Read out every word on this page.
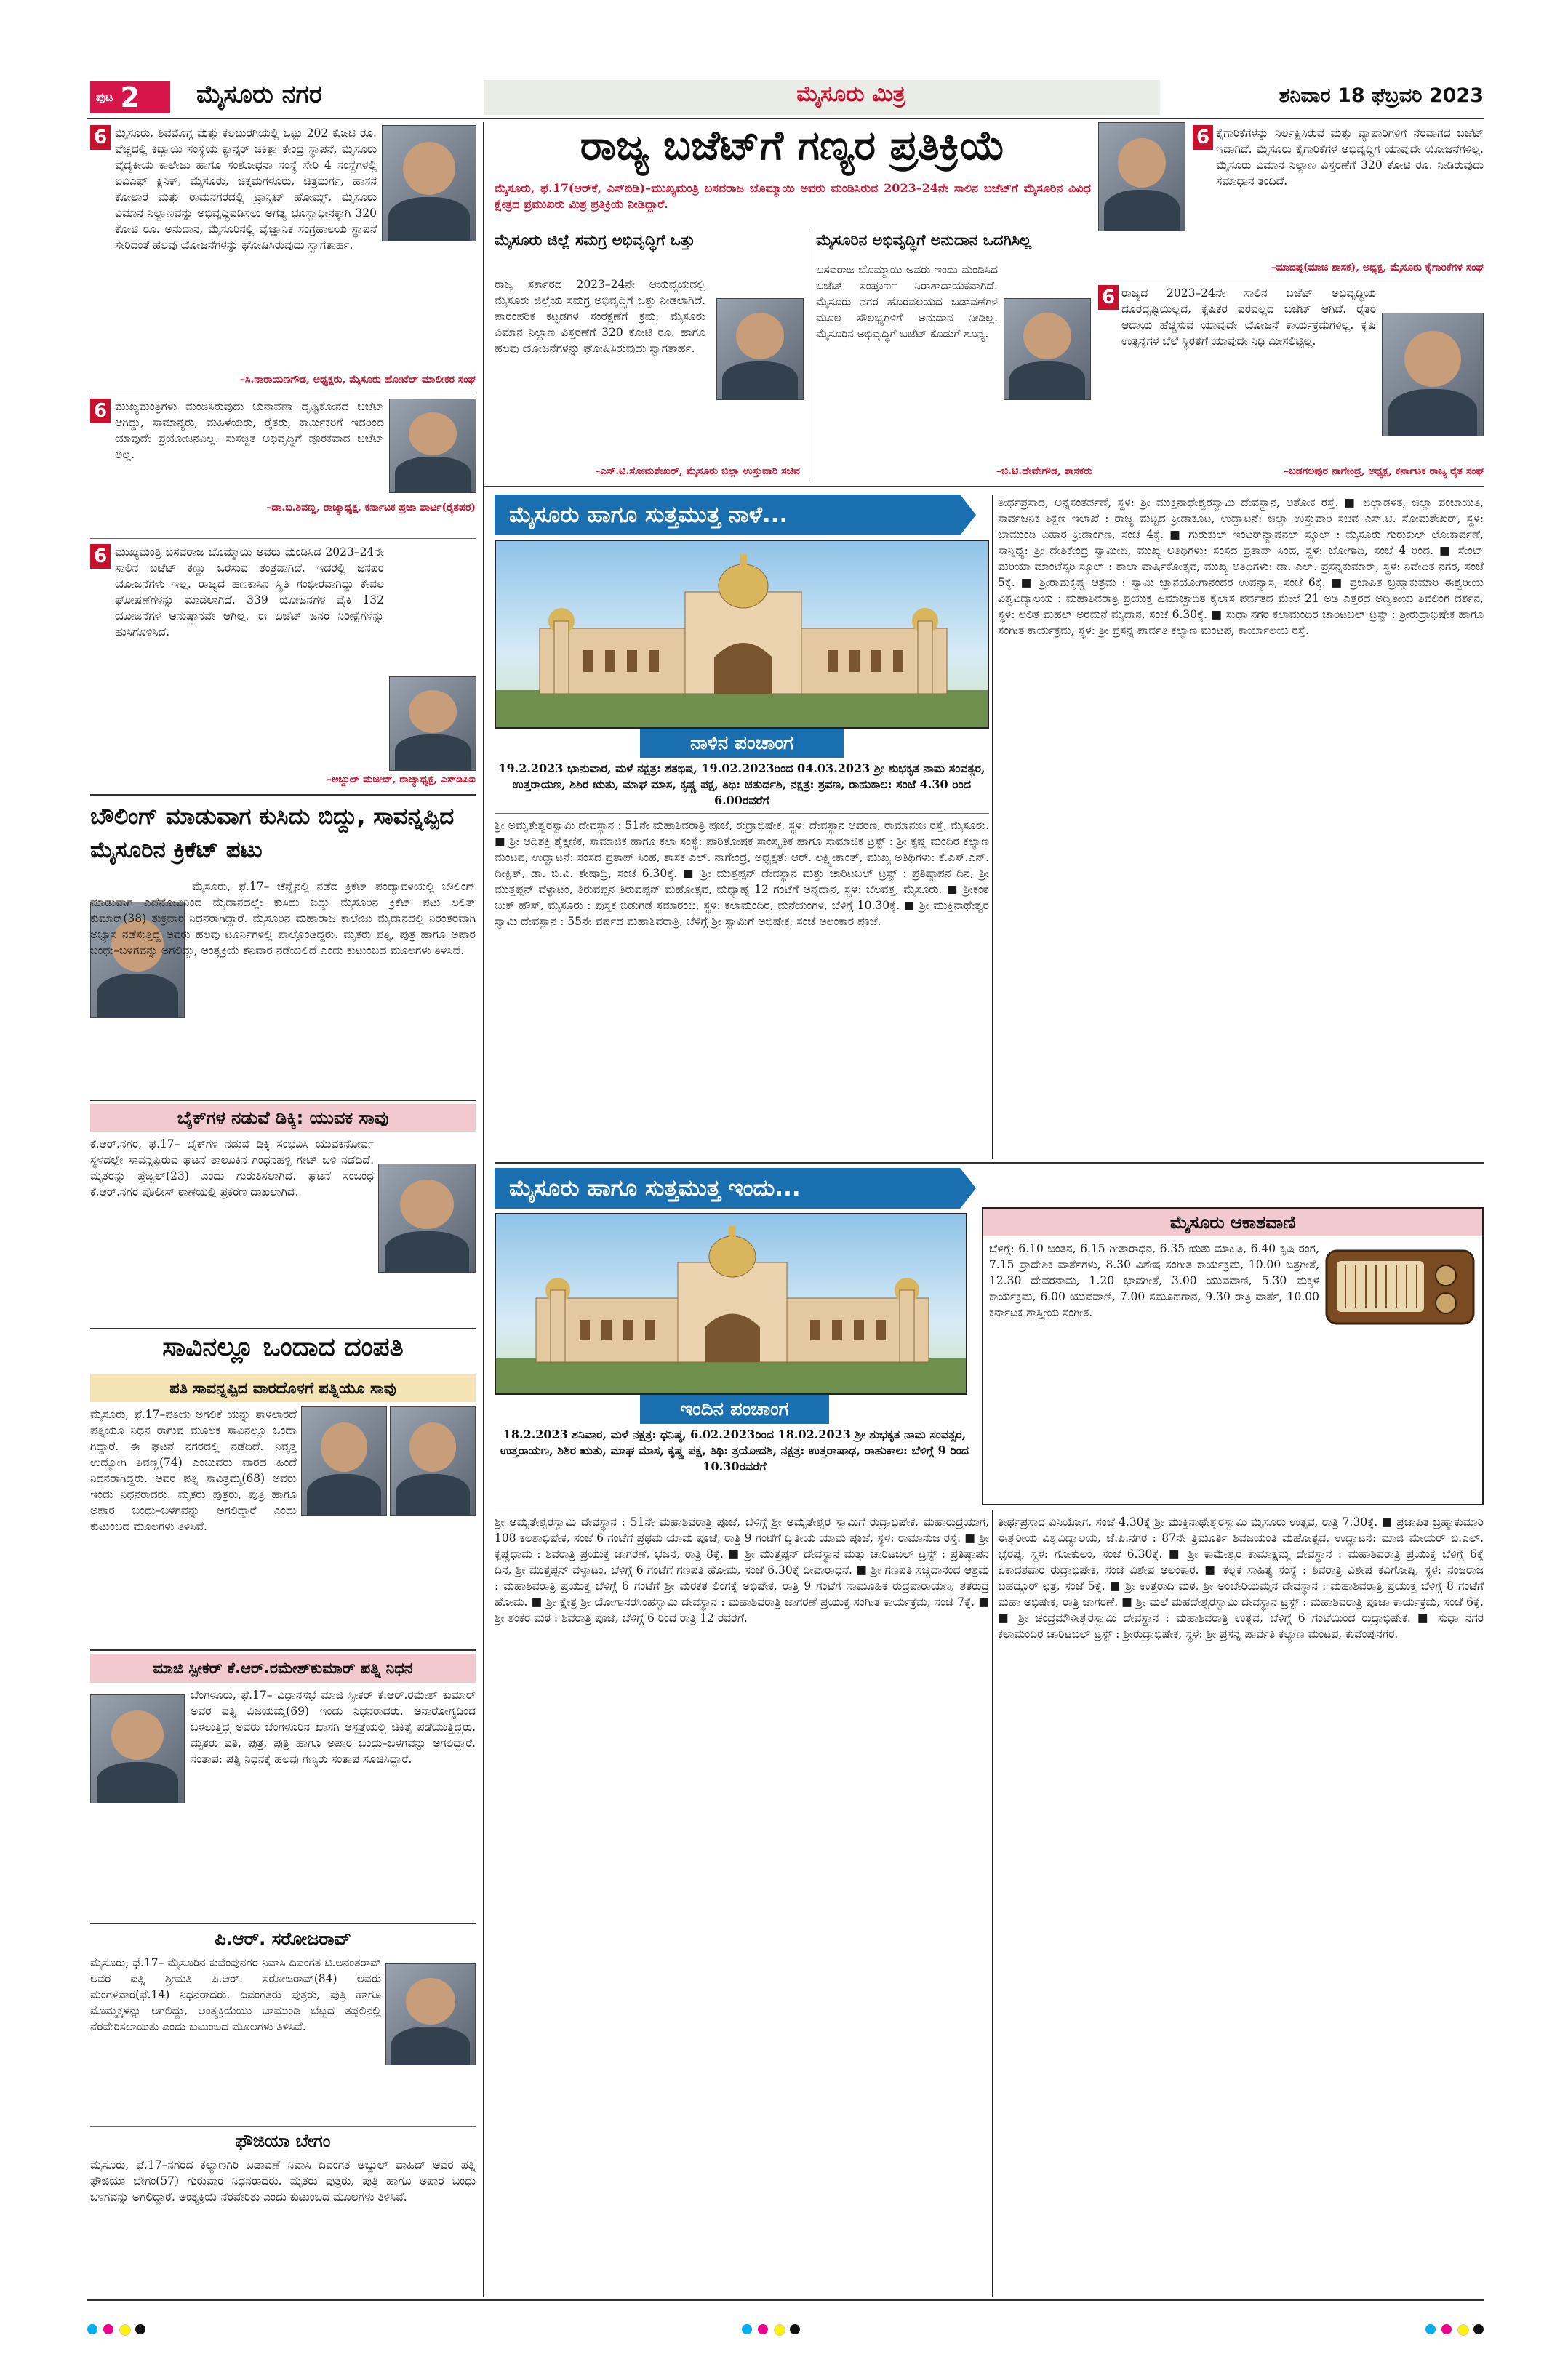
ಪುಟ 2 ಮೈಸೂರು ನಗರ	ಮೈಸೂರು ಮಿತ್ರ	ಶನಿವಾರ 18 ಫೆಬ್ರವರಿ 2023
ರಾಜ್ಯ ಬಜೆಟ್‌ಗೆ ಗಣ್ಯರ ಪ್ರತಿಕ್ರಿಯೆ
ಮೈಸೂರು, ಫೆ.17(ಆರ್‌ಕೆ, ಎಸ್‌ಬಿಡಿ)–ಮುಖ್ಯಮಂತ್ರಿ ಬಸವರಾಜ ಬೊಮ್ಮಾಯಿ ಅವರು ಮಂಡಿಸಿರುವ 2023–24ನೇ ಸಾಲಿನ ಬಜೆಟ್‌ಗೆ ಮೈಸೂರಿನ ವಿವಿಧ ಕ್ಷೇತ್ರದ ಪ್ರಮುಖರು ಮಿಶ್ರ ಪ್ರತಿಕ್ರಿಯೆ ನೀಡಿದ್ದಾರೆ.
6 ಮೈಸೂರು, ಶಿವಮೊಗ್ಗ ಮತ್ತು ಕಲಬುರಗಿಯಲ್ಲಿ ಒಟ್ಟು 202 ಕೋಟಿ ರೂ. ವೆಚ್ಚದಲ್ಲಿ ಕಿದ್ವಾಯಿ ಸಂಸ್ಥೆಯ ಕ್ಯಾನ್ಸರ್ ಚಿಕಿತ್ಸಾ ಕೇಂದ್ರ ಸ್ಥಾಪನೆ, ಮೈಸೂರು ವೈದ್ಯಕೀಯ ಕಾಲೇಜು ಹಾಗೂ ಸಂಶೋಧನಾ ಸಂಸ್ಥೆ ಸೇರಿ 4 ಸಂಸ್ಥೆಗಳಲ್ಲಿ ಐವಿಎಫ್ ಕ್ಲಿನಿಕ್, ಮೈಸೂರು, ಚಿಕ್ಕಮಗಳೂರು, ಚಿತ್ರದುರ್ಗ, ಹಾಸನ ಕೋಲಾರ ಮತ್ತು ರಾಮನಗರದಲ್ಲಿ ಟ್ರಾನ್ಸಿಟ್ ಹೋಮ್ಸ್, ಮೈಸೂರು ವಿಮಾನ ನಿಲ್ದಾಣವನ್ನು ಅಭಿವೃದ್ಧಿಪಡಿಸಲು ಅಗತ್ಯ ಭೂಸ್ವಾಧೀನಕ್ಕಾಗಿ 320 ಕೋಟಿ ರೂ. ಅನುದಾನ, ಮೈಸೂರಿನಲ್ಲಿ ವೈಜ್ಞಾನಿಕ ಸಂಗ್ರಹಾಲಯ ಸ್ಥಾಪನೆ ಸೇರಿದಂತೆ ಹಲವು ಯೋಜನೆಗಳನ್ನು ಘೋಷಿಸಿರುವುದು ಸ್ವಾಗತಾರ್ಹ.
–ಸಿ.ನಾರಾಯಣಗೌಡ, ಅಧ್ಯಕ್ಷರು, ಮೈಸೂರು ಹೋಟೆಲ್ ಮಾಲೀಕರ ಸಂಘ
6 ಮುಖ್ಯಮಂತ್ರಿಗಳು ಮಂಡಿಸಿರುವುದು ಚುನಾವಣಾ ದೃಷ್ಟಿಕೋನದ ಬಜೆಟ್ ಆಗಿದ್ದು, ಸಾಮಾನ್ಯರು, ಮಹಿಳೆಯರು, ರೈತರು, ಕಾರ್ಮಿಕರಿಗೆ ಇದರಿಂದ ಯಾವುದೇ ಪ್ರಯೋಜನವಿಲ್ಲ. ಸುಸಜ್ಜಿತ ಅಭಿವೃದ್ಧಿಗೆ ಪೂರಕವಾದ ಬಜೆಟ್ ಅಲ್ಲ.
–ಡಾ.ಬಿ.ಶಿವಣ್ಣ, ರಾಜ್ಯಾಧ್ಯಕ್ಷ, ಕರ್ನಾಟಕ ಪ್ರಜಾ ಪಾರ್ಟಿ(ರೈತಪರ)
6 ಮುಖ್ಯಮಂತ್ರಿ ಬಸವರಾಜ ಬೊಮ್ಮಾಯಿ ಅವರು ಮಂಡಿಸಿದ 2023–24ನೇ ಸಾಲಿನ ಬಜೆಟ್ ಕಣ್ಣು ಒರೆಸುವ ತಂತ್ರವಾಗಿದೆ. ಇದರಲ್ಲಿ ಜನಪರ ಯೋಜನೆಗಳು ಇಲ್ಲ. ರಾಜ್ಯದ ಹಣಕಾಸಿನ ಸ್ಥಿತಿ ಗಂಭೀರವಾಗಿದ್ದು ಕೇವಲ ಘೋಷಣೆಗಳನ್ನು ಮಾಡಲಾಗಿದೆ. 339 ಯೋಜನೆಗಳ ಪೈಕಿ 132 ಯೋಜನೆಗಳ ಅನುಷ್ಠಾನವೇ ಆಗಿಲ್ಲ. ಈ ಬಜೆಟ್ ಜನರ ನಿರೀಕ್ಷೆಗಳನ್ನು ಹುಸಿಗೊಳಿಸಿದೆ.
–ಅಬ್ದುಲ್ ಮಜೀದ್, ರಾಜ್ಯಾಧ್ಯಕ್ಷ, ಎಸ್‌ಡಿಪಿಐ
ಮೈಸೂರು ಜಿಲ್ಲೆ ಸಮಗ್ರ ಅಭಿವೃದ್ಧಿಗೆ ಒತ್ತು
ರಾಜ್ಯ ಸರ್ಕಾರದ 2023–24ನೇ ಆಯವ್ಯಯದಲ್ಲಿ ಮೈಸೂರು ಜಿಲ್ಲೆಯ ಸಮಗ್ರ ಅಭಿವೃದ್ಧಿಗೆ ಒತ್ತು ನೀಡಲಾಗಿದೆ. ಪಾರಂಪರಿಕ ಕಟ್ಟಡಗಳ ಸಂರಕ್ಷಣೆಗೆ ಕ್ರಮ, ಮೈಸೂರು ವಿಮಾನ ನಿಲ್ದಾಣ ವಿಸ್ತರಣೆಗೆ 320 ಕೋಟಿ ರೂ. ಹಾಗೂ ಹಲವು ಯೋಜನೆಗಳನ್ನು ಘೋಷಿಸಿರುವುದು ಸ್ವಾಗತಾರ್ಹ.
–ಎಸ್.ಟಿ.ಸೋಮಶೇಖರ್, ಮೈಸೂರು ಜಿಲ್ಲಾ ಉಸ್ತುವಾರಿ ಸಚಿವ
ಮೈಸೂರಿನ ಅಭಿವೃದ್ಧಿಗೆ ಅನುದಾನ ಒದಗಿಸಿಲ್ಲ
ಬಸವರಾಜ ಬೊಮ್ಮಾಯಿ ಅವರು ಇಂದು ಮಂಡಿಸಿದ ಬಜೆಟ್ ಸಂಪೂರ್ಣ ನಿರಾಶಾದಾಯಕವಾಗಿದೆ. ಮೈಸೂರು ನಗರ ಹೊರವಲಯದ ಬಡಾವಣೆಗಳ ಮೂಲ ಸೌಲಭ್ಯಗಳಿಗೆ ಅನುದಾನ ನೀಡಿಲ್ಲ. ಮೈಸೂರಿನ ಅಭಿವೃದ್ಧಿಗೆ ಬಜೆಟ್ ಕೊಡುಗೆ ಶೂನ್ಯ.
–ಜಿ.ಟಿ.ದೇವೇಗೌಡ, ಶಾಸಕರು
6 ಕೈಗಾರಿಕೆಗಳನ್ನು ನಿರ್ಲಕ್ಷಿಸಿರುವ ಮತ್ತು ವ್ಯಾಪಾರಿಗಳಿಗೆ ನೆರವಾಗದ ಬಜೆಟ್ ಇದಾಗಿದೆ. ಮೈಸೂರು ಕೈಗಾರಿಕೆಗಳ ಅಭಿವೃದ್ಧಿಗೆ ಯಾವುದೇ ಯೋಜನೆಗಳಿಲ್ಲ. ಮೈಸೂರು ವಿಮಾನ ನಿಲ್ದಾಣ ವಿಸ್ತರಣೆಗೆ 320 ಕೋಟಿ ರೂ. ನೀಡಿರುವುದು ಸಮಾಧಾನ ತಂದಿದೆ.
–ಮಾದಪ್ಪ(ಮಾಜಿ ಶಾಸಕ), ಅಧ್ಯಕ್ಷ, ಮೈಸೂರು ಕೈಗಾರಿಕೆಗಳ ಸಂಘ
6 ರಾಜ್ಯದ 2023–24ನೇ ಸಾಲಿನ ಬಜೆಟ್ ಅಭಿವೃದ್ಧಿಯ ದೂರದೃಷ್ಟಿಯಿಲ್ಲದ, ಕೃಷಿಕರ ಪರವಲ್ಲದ ಬಜೆಟ್ ಆಗಿದೆ. ರೈತರ ಆದಾಯ ಹೆಚ್ಚಿಸುವ ಯಾವುದೇ ಯೋಜನೆ ಕಾರ್ಯಕ್ರಮಗಳಿಲ್ಲ. ಕೃಷಿ ಉತ್ಪನ್ನಗಳ ಬೆಲೆ ಸ್ಥಿರತೆಗೆ ಯಾವುದೇ ನಿಧಿ ಮೀಸಲಿಟ್ಟಿಲ್ಲ.
–ಬಡಗಲಪುರ ನಾಗೇಂದ್ರ, ಅಧ್ಯಕ್ಷ, ಕರ್ನಾಟಕ ರಾಜ್ಯ ರೈತ ಸಂಘ
ಬೌಲಿಂಗ್ ಮಾಡುವಾಗ ಕುಸಿದು ಬಿದ್ದು, ಸಾವನ್ನಪ್ಪಿದ ಮೈಸೂರಿನ ಕ್ರಿಕೆಟ್ ಪಟು
ಮೈಸೂರು, ಫೆ.17– ಚೆನ್ನೈನಲ್ಲಿ ನಡೆದ ಕ್ರಿಕೆಟ್ ಪಂದ್ಯಾವಳಿಯಲ್ಲಿ ಬೌಲಿಂಗ್ ಮಾಡುವಾಗ ಎದೆನೋವಿನಿಂದ ಮೈದಾನದಲ್ಲೇ ಕುಸಿದು ಬಿದ್ದು ಮೈಸೂರಿನ ಕ್ರಿಕೆಟ್ ಪಟು ಲಲಿತ್ ಕುಮಾರ್(38) ಶುಕ್ರವಾರ ನಿಧನರಾಗಿದ್ದಾರೆ. ಮೈಸೂರಿನ ಮಹಾರಾಜ ಕಾಲೇಜು ಮೈದಾನದಲ್ಲಿ ನಿರಂತರವಾಗಿ ಅಭ್ಯಾಸ ನಡೆಸುತ್ತಿದ್ದ ಅವರು ಹಲವು ಟೂರ್ನಿಗಳಲ್ಲಿ ಪಾಲ್ಗೊಂಡಿದ್ದರು. ಮೃತರು ಪತ್ನಿ, ಪುತ್ರ ಹಾಗೂ ಅಪಾರ ಬಂಧು–ಬಳಗವನ್ನು ಅಗಲಿದ್ದು, ಅಂತ್ಯಕ್ರಿಯೆ ಶನಿವಾರ ನಡೆಯಲಿದೆ ಎಂದು ಕುಟುಂಬದ ಮೂಲಗಳು ತಿಳಿಸಿವೆ.
ಬೈಕ್‌ಗಳ ನಡುವೆ ಡಿಕ್ಕಿ: ಯುವಕ ಸಾವು
ಕೆ.ಆರ್.ನಗರ, ಫೆ.17– ಬೈಕ್‌ಗಳ ನಡುವೆ ಡಿಕ್ಕಿ ಸಂಭವಿಸಿ ಯುವಕನೋರ್ವ ಸ್ಥಳದಲ್ಲೇ ಸಾವನ್ನಪ್ಪಿರುವ ಘಟನೆ ತಾಲೂಕಿನ ಗಂಧನಹಳ್ಳಿ ಗೇಟ್ ಬಳಿ ನಡೆದಿದೆ. ಮೃತರನ್ನು ಪ್ರಜ್ವಲ್(23) ಎಂದು ಗುರುತಿಸಲಾಗಿದೆ. ಘಟನೆ ಸಂಬಂಧ ಕೆ.ಆರ್.ನಗರ ಪೊಲೀಸ್ ಠಾಣೆಯಲ್ಲಿ ಪ್ರಕರಣ ದಾಖಲಾಗಿದೆ.
ಸಾವಿನಲ್ಲೂ ಒಂದಾದ ದಂಪತಿ
ಪತಿ ಸಾವನ್ನಪ್ಪಿದ ವಾರದೊಳಗೆ ಪತ್ನಿಯೂ ಸಾವು
ಮೈಸೂರು, ಫೆ.17–ಪತಿಯ ಅಗಲಿಕೆ ಯನ್ನು ತಾಳಲಾರದೆ ಪತ್ನಿಯೂ ನಿಧನ ರಾಗುವ ಮೂಲಕ ಸಾವಿನಲ್ಲೂ ಒಂದಾ ಗಿದ್ದಾರೆ. ಈ ಘಟನೆ ನಗರದಲ್ಲಿ ನಡೆದಿದೆ. ನಿವೃತ್ತ ಉದ್ಯೋಗಿ ಶಿವಣ್ಣ(74) ಎಂಬುವರು ವಾರದ ಹಿಂದೆ ನಿಧನರಾಗಿದ್ದರು. ಅವರ ಪತ್ನಿ ಸಾವಿತ್ರಮ್ಮ(68) ಅವರು ಇಂದು ನಿಧನರಾದರು. ಮೃತರು ಪುತ್ರರು, ಪುತ್ರಿ ಹಾಗೂ ಅಪಾರ ಬಂಧು–ಬಳಗವನ್ನು ಅಗಲಿದ್ದಾರೆ ಎಂದು ಕುಟುಂಬದ ಮೂಲಗಳು ತಿಳಿಸಿವೆ.
ಮಾಜಿ ಸ್ಪೀಕರ್ ಕೆ.ಆರ್.ರಮೇಶ್‌ಕುಮಾರ್ ಪತ್ನಿ ನಿಧನ
ಬೆಂಗಳೂರು, ಫೆ.17– ವಿಧಾನಸಭೆ ಮಾಜಿ ಸ್ಪೀಕರ್ ಕೆ.ಆರ್.ರಮೇಶ್ ಕುಮಾರ್ ಅವರ ಪತ್ನಿ ವಿಜಯಮ್ಮ(69) ಇಂದು ನಿಧನರಾದರು. ಅನಾರೋಗ್ಯದಿಂದ ಬಳಲುತ್ತಿದ್ದ ಅವರು ಬೆಂಗಳೂರಿನ ಖಾಸಗಿ ಆಸ್ಪತ್ರೆಯಲ್ಲಿ ಚಿಕಿತ್ಸೆ ಪಡೆಯುತ್ತಿದ್ದರು. ಮೃತರು ಪತಿ, ಪುತ್ರ, ಪುತ್ರಿ ಹಾಗೂ ಅಪಾರ ಬಂಧು–ಬಳಗವನ್ನು ಅಗಲಿದ್ದಾರೆ. ಸಂತಾಪ: ಪತ್ನಿ ನಿಧನಕ್ಕೆ ಹಲವು ಗಣ್ಯರು ಸಂತಾಪ ಸೂಚಿಸಿದ್ದಾರೆ.
ಪಿ.ಆರ್. ಸರೋಜರಾವ್
ಮೈಸೂರು, ಫೆ.17– ಮೈಸೂರಿನ ಕುವೆಂಪುನಗರ ನಿವಾಸಿ ದಿವಂಗತ ಟಿ.ಅನಂತರಾವ್ ಅವರ ಪತ್ನಿ ಶ್ರೀಮತಿ ಪಿ.ಆರ್. ಸರೋಜರಾವ್(84) ಅವರು ಮಂಗಳವಾರ(ಫೆ.14) ನಿಧನರಾದರು. ದಿವಂಗತರು ಪುತ್ರರು, ಪುತ್ರಿ ಹಾಗೂ ಮೊಮ್ಮಕ್ಕಳನ್ನು ಅಗಲಿದ್ದು, ಅಂತ್ಯಕ್ರಿಯೆಯು ಚಾಮುಂಡಿ ಬೆಟ್ಟದ ತಪ್ಪಲಿನಲ್ಲಿ ನೆರವೇರಿಸಲಾಯಿತು ಎಂದು ಕುಟುಂಬದ ಮೂಲಗಳು ತಿಳಿಸಿವೆ.
ಫೌಜಿಯಾ ಬೇಗಂ
ಮೈಸೂರು, ಫೆ.17–ನಗರದ ಕಲ್ಯಾಣಗಿರಿ ಬಡಾವಣೆ ನಿವಾಸಿ ದಿವಂಗತ ಅಬ್ದುಲ್ ವಾಹಿದ್ ಅವರ ಪತ್ನಿ ಫೌಜಿಯಾ ಬೇಗಂ(57) ಗುರುವಾರ ನಿಧನರಾದರು. ಮೃತರು ಪುತ್ರರು, ಪುತ್ರಿ ಹಾಗೂ ಅಪಾರ ಬಂಧು ಬಳಗವನ್ನು ಅಗಲಿದ್ದಾರೆ. ಅಂತ್ಯಕ್ರಿಯೆ ನೆರವೇರಿತು ಎಂದು ಕುಟುಂಬದ ಮೂಲಗಳು ತಿಳಿಸಿವೆ.
ಮೈಸೂರು ಹಾಗೂ ಸುತ್ತಮುತ್ತ ನಾಳೆ...
ನಾಳಿನ ಪಂಚಾಂಗ
19.2.2023 ಭಾನುವಾರ, ಮಳೆ ನಕ್ಷತ್ರ: ಶತಭಿಷ, 19.02.2023ರಿಂದ 04.03.2023 ಶ್ರೀ ಶುಭಕೃತ ನಾಮ ಸಂವತ್ಸರ, ಉತ್ತರಾಯಣ, ಶಿಶಿರ ಋತು, ಮಾಘ ಮಾಸ, ಕೃಷ್ಣ ಪಕ್ಷ, ತಿಥಿ: ಚತುರ್ದಶಿ, ನಕ್ಷತ್ರ: ಶ್ರವಣ, ರಾಹುಕಾಲ: ಸಂಜೆ 4.30 ರಿಂದ 6.00ರವರೆಗೆ
ಶ್ರೀ ಅಮೃತೇಶ್ವರಸ್ವಾಮಿ ದೇವಸ್ಥಾನ : 51ನೇ ಮಹಾಶಿವರಾತ್ರಿ ಪೂಜೆ, ರುದ್ರಾಭಿಷೇಕ, ಸ್ಥಳ: ದೇವಸ್ಥಾನ ಆವರಣ, ರಾಮಾನುಜ ರಸ್ತೆ, ಮೈಸೂರು. ■ ಶ್ರೀ ಆದಿಶಕ್ತಿ ಶೈಕ್ಷಣಿಕ, ಸಾಮಾಜಿಕ ಹಾಗೂ ಕಲಾ ಸಂಸ್ಥೆ: ಪಾರಿತೋಷಕ ಸಾಂಸ್ಕೃತಿಕ ಹಾಗೂ ಸಾಮಾಜಿಕ ಟ್ರಸ್ಟ್ : ಶ್ರೀ ಕೃಷ್ಣ ಮಂದಿರ ಕಲ್ಯಾಣ ಮಂಟಪ, ಉದ್ಘಾಟನೆ: ಸಂಸದ ಪ್ರತಾಪ್ ಸಿಂಹ, ಶಾಸಕ ಎಲ್. ನಾಗೇಂದ್ರ, ಅಧ್ಯಕ್ಷತೆ: ಆರ್. ಲಕ್ಷ್ಮೀಕಾಂತ್, ಮುಖ್ಯ ಅತಿಥಿಗಳು: ಕೆ.ಎಸ್.ಎನ್. ದೀಕ್ಷಿತ್, ಡಾ. ಬಿ.ವಿ. ಶೇಷಾದ್ರಿ, ಸಂಜೆ 6.30ಕ್ಕೆ. ■ ಶ್ರೀ ಮುತ್ತಪ್ಪನ್ ದೇವಸ್ಥಾನ ಮತ್ತು ಚಾರಿಟಬಲ್ ಟ್ರಸ್ಟ್ : ಪ್ರತಿಷ್ಠಾಪನ ದಿನ, ಶ್ರೀ ಮುತ್ತಪ್ಪನ್ ವೆಳ್ಳಾಟಂ, ತಿರುವಪ್ಪನ ತಿರುವಪ್ಪನ್ ಮಹೋತ್ಸವ, ಮಧ್ಯಾಹ್ನ 12 ಗಂಟೆಗೆ ಅನ್ನದಾನ, ಸ್ಥಳ: ಬೆಲವತ್ತ, ಮೈಸೂರು. ■ ಶ್ರೀಕಂಠ ಬುಕ್ ಹೌಸ್, ಮೈಸೂರು : ಪುಸ್ತಕ ಬಿಡುಗಡೆ ಸಮಾರಂಭ, ಸ್ಥಳ: ಕಲಾಮಂದಿರ, ಮನೆಯಂಗಳ, ಬೆಳಿಗ್ಗೆ 10.30ಕ್ಕೆ. ■ ಶ್ರೀ ಮುಕ್ತಿನಾಥೇಶ್ವರ ಸ್ವಾಮಿ ದೇವಸ್ಥಾನ : 55ನೇ ವರ್ಷದ ಮಹಾಶಿವರಾತ್ರಿ, ಬೆಳಿಗ್ಗೆ ಶ್ರೀ ಸ್ವಾಮಿಗೆ ಅಭಿಷೇಕ, ಸಂಜೆ ಅಲಂಕಾರ ಪೂಜೆ.
ತೀರ್ಥಪ್ರಸಾದ, ಅನ್ನಸಂತರ್ಪಣೆ, ಸ್ಥಳ: ಶ್ರೀ ಮುಕ್ತಿನಾಥೇಶ್ವರಸ್ವಾಮಿ ದೇವಸ್ಥಾನ, ಅಶೋಕ ರಸ್ತೆ. ■ ಜಿಲ್ಲಾಡಳಿತ, ಜಿಲ್ಲಾ ಪಂಚಾಯಿತಿ, ಸಾರ್ವಜನಿಕ ಶಿಕ್ಷಣ ಇಲಾಖೆ : ರಾಜ್ಯ ಮಟ್ಟದ ಕ್ರೀಡಾಕೂಟ, ಉದ್ಘಾಟನೆ: ಜಿಲ್ಲಾ ಉಸ್ತುವಾರಿ ಸಚಿವ ಎಸ್.ಟಿ. ಸೋಮಶೇಖರ್, ಸ್ಥಳ: ಚಾಮುಂಡಿ ವಿಹಾರ ಕ್ರೀಡಾಂಗಣ, ಸಂಜೆ 4ಕ್ಕೆ. ■ ಗುರುಕುಲ್ ಇಂಟರ್‌ನ್ಯಾಷನಲ್ ಸ್ಕೂಲ್ : ಮೈಸೂರು ಗುರುಕುಲ್ ಲೋಕಾರ್ಪಣೆ, ಸಾನ್ನಿಧ್ಯ: ಶ್ರೀ ದೇಶಿಕೇಂದ್ರ ಸ್ವಾಮೀಜಿ, ಮುಖ್ಯ ಅತಿಥಿಗಳು: ಸಂಸದ ಪ್ರತಾಪ್ ಸಿಂಹ, ಸ್ಥಳ: ಬೋಗಾದಿ, ಸಂಜೆ 4 ರಿಂದ. ■ ಸೇಂಟ್ ಮರಿಯಾ ಮಾಂಟೆಸ್ಸರಿ ಸ್ಕೂಲ್ : ಶಾಲಾ ವಾರ್ಷಿಕೋತ್ಸವ, ಮುಖ್ಯ ಅತಿಥಿಗಳು: ಡಾ. ಎಲ್. ಪ್ರಸನ್ನಕುಮಾರ್, ಸ್ಥಳ: ನಿವೇದಿತ ನಗರ, ಸಂಜೆ 5ಕ್ಕೆ. ■ ಶ್ರೀರಾಮಕೃಷ್ಣ ಆಶ್ರಮ : ಸ್ವಾಮಿ ಜ್ಞಾನಯೋಗಾನಂದರ ಉಪನ್ಯಾಸ, ಸಂಜೆ 6ಕ್ಕೆ. ■ ಪ್ರಜಾಪಿತ ಬ್ರಹ್ಮಾಕುಮಾರಿ ಈಶ್ವರೀಯ ವಿಶ್ವವಿದ್ಯಾಲಯ : ಮಹಾಶಿವರಾತ್ರಿ ಪ್ರಯುಕ್ತ ಹಿಮಾಚ್ಛಾದಿತ ಕೈಲಾಸ ಪರ್ವತದ ಮೇಲೆ 21 ಅಡಿ ಎತ್ತರದ ಅದ್ವಿತೀಯ ಶಿವಲಿಂಗ ದರ್ಶನ, ಸ್ಥಳ: ಲಲಿತ ಮಹಲ್ ಅರಮನೆ ಮೈದಾನ, ಸಂಜೆ 6.30ಕ್ಕೆ. ■ ಸುಧಾ ನಗರ ಕಲಾಮಂದಿರ ಚಾರಿಟಬಲ್ ಟ್ರಸ್ಟ್ : ಶ್ರೀರುದ್ರಾಭಿಷೇಕ ಹಾಗೂ ಸಂಗೀತ ಕಾರ್ಯಕ್ರಮ, ಸ್ಥಳ: ಶ್ರೀ ಪ್ರಸನ್ನ ಪಾರ್ವತಿ ಕಲ್ಯಾಣ ಮಂಟಪ, ಕಾರ್ಯಾಲಯ ರಸ್ತೆ.
ಮೈಸೂರು ಹಾಗೂ ಸುತ್ತಮುತ್ತ ಇಂದು...
ಇಂದಿನ ಪಂಚಾಂಗ
18.2.2023 ಶನಿವಾರ, ಮಳೆ ನಕ್ಷತ್ರ: ಧನಿಷ್ಠ, 6.02.2023ರಿಂದ 18.02.2023 ಶ್ರೀ ಶುಭಕೃತ ನಾಮ ಸಂವತ್ಸರ, ಉತ್ತರಾಯಣ, ಶಿಶಿರ ಋತು, ಮಾಘ ಮಾಸ, ಕೃಷ್ಣ ಪಕ್ಷ, ತಿಥಿ: ತ್ರಯೋದಶಿ, ನಕ್ಷತ್ರ: ಉತ್ತರಾಷಾಢ, ರಾಹುಕಾಲ: ಬೆಳಿಗ್ಗೆ 9 ರಿಂದ 10.30ರವರೆಗೆ
ಮೈಸೂರು ಆಕಾಶವಾಣಿ
ಬೆಳಿಗ್ಗೆ: 6.10 ಚಿಂತನ, 6.15 ಗೀತಾರಾಧನ, 6.35 ಋತು ಮಾಹಿತಿ, 6.40 ಕೃಷಿ ರಂಗ, 7.15 ಪ್ರಾದೇಶಿಕ ವಾರ್ತೆಗಳು, 8.30 ವಿಶೇಷ ಸಂಗೀತ ಕಾರ್ಯಕ್ರಮ, 10.00 ಚಿತ್ರಗೀತೆ, 12.30 ದೇವರನಾಮ, 1.20 ಭಾವಗೀತೆ, 3.00 ಯುವವಾಣಿ, 5.30 ಮಕ್ಕಳ ಕಾರ್ಯಕ್ರಮ, 6.00 ಯುವವಾಣಿ, 7.00 ಸಮೂಹಗಾನ, 9.30 ರಾತ್ರಿ ವಾರ್ತೆ, 10.00 ಕರ್ನಾಟಕ ಶಾಸ್ತ್ರೀಯ ಸಂಗೀತ.
ಶ್ರೀ ಅಮೃತೇಶ್ವರಸ್ವಾಮಿ ದೇವಸ್ಥಾನ : 51ನೇ ಮಹಾಶಿವರಾತ್ರಿ ಪೂಜೆ, ಬೆಳಿಗ್ಗೆ ಶ್ರೀ ಅಮೃತೇಶ್ವರ ಸ್ವಾಮಿಗೆ ರುದ್ರಾಭಿಷೇಕ, ಮಹಾರುದ್ರಯಾಗ, 108 ಕಲಶಾಭಿಷೇಕ, ಸಂಜೆ 6 ಗಂಟೆಗೆ ಪ್ರಥಮ ಯಾಮ ಪೂಜೆ, ರಾತ್ರಿ 9 ಗಂಟೆಗೆ ದ್ವಿತೀಯ ಯಾಮ ಪೂಜೆ, ಸ್ಥಳ: ರಾಮಾನುಜ ರಸ್ತೆ. ■ ಶ್ರೀ ಕೃಷ್ಣಧಾಮ : ಶಿವರಾತ್ರಿ ಪ್ರಯುಕ್ತ ಜಾಗರಣೆ, ಭಜನೆ, ರಾತ್ರಿ 8ಕ್ಕೆ. ■ ಶ್ರೀ ಮುತ್ತಪ್ಪನ್ ದೇವಸ್ಥಾನ ಮತ್ತು ಚಾರಿಟಬಲ್ ಟ್ರಸ್ಟ್ : ಪ್ರತಿಷ್ಠಾಪನ ದಿನ, ಶ್ರೀ ಮುತ್ತಪ್ಪನ್ ವೆಳ್ಳಾಟಂ, ಬೆಳಿಗ್ಗೆ 6 ಗಂಟೆಗೆ ಗಣಪತಿ ಹೋಮ, ಸಂಜೆ 6.30ಕ್ಕೆ ದೀಪಾರಾಧನೆ. ■ ಶ್ರೀ ಗಣಪತಿ ಸಚ್ಚಿದಾನಂದ ಆಶ್ರಮ : ಮಹಾಶಿವರಾತ್ರಿ ಪ್ರಯುಕ್ತ ಬೆಳಿಗ್ಗೆ 6 ಗಂಟೆಗೆ ಶ್ರೀ ಮರಕತ ಲಿಂಗಕ್ಕೆ ಅಭಿಷೇಕ, ರಾತ್ರಿ 9 ಗಂಟೆಗೆ ಸಾಮೂಹಿಕ ರುದ್ರಪಾರಾಯಣ, ಶತರುದ್ರ ಹೋಮ. ■ ಶ್ರೀ ಕ್ಷೇತ್ರ ಶ್ರೀ ಯೋಗಾನರಸಿಂಹಸ್ವಾಮಿ ದೇವಸ್ಥಾನ : ಮಹಾಶಿವರಾತ್ರಿ ಜಾಗರಣೆ ಪ್ರಯುಕ್ತ ಸಂಗೀತ ಕಾರ್ಯಕ್ರಮ, ಸಂಜೆ 7ಕ್ಕೆ. ■ ಶ್ರೀ ಶಂಕರ ಮಠ : ಶಿವರಾತ್ರಿ ಪೂಜೆ, ಬೆಳಿಗ್ಗೆ 6 ರಿಂದ ರಾತ್ರಿ 12 ರವರೆಗೆ.
ತೀರ್ಥಪ್ರಸಾದ ವಿನಿಯೋಗ, ಸಂಜೆ 4.30ಕ್ಕೆ ಶ್ರೀ ಮುಕ್ತಿನಾಥೇಶ್ವರಸ್ವಾಮಿ ಮೈಸೂರು ಉತ್ಸವ, ರಾತ್ರಿ 7.30ಕ್ಕೆ. ■ ಪ್ರಜಾಪಿತ ಬ್ರಹ್ಮಾಕುಮಾರಿ ಈಶ್ವರೀಯ ವಿಶ್ವವಿದ್ಯಾಲಯ, ಜೆ.ಪಿ.ನಗರ : 87ನೇ ತ್ರಿಮೂರ್ತಿ ಶಿವಜಯಂತಿ ಮಹೋತ್ಸವ, ಉದ್ಘಾಟನೆ: ಮಾಜಿ ಮೇಯರ್ ಬಿ.ಎಲ್. ಭೈರಪ್ಪ, ಸ್ಥಳ: ಗೋಕುಲಂ, ಸಂಜೆ 6.30ಕ್ಕೆ. ■ ಶ್ರೀ ಕಾಮೇಶ್ವರ ಕಾಮಾಕ್ಷಮ್ಮ ದೇವಸ್ಥಾನ : ಮಹಾಶಿವರಾತ್ರಿ ಪ್ರಯುಕ್ತ ಬೆಳಿಗ್ಗೆ 6ಕ್ಕೆ ಏಕಾದಶವಾರ ರುದ್ರಾಭಿಷೇಕ, ಸಂಜೆ ವಿಶೇಷ ಅಲಂಕಾರ. ■ ಕಲ್ಪಕ ಸಾಹಿತ್ಯ ಸಂಸ್ಥೆ : ಶಿವರಾತ್ರಿ ವಿಶೇಷ ಕವಿಗೋಷ್ಠಿ, ಸ್ಥಳ: ನಂಜರಾಜ ಬಹದ್ದೂರ್ ಛತ್ರ, ಸಂಜೆ 5ಕ್ಕೆ. ■ ಶ್ರೀ ಉತ್ತರಾದಿ ಮಠ, ಶ್ರೀ ಅಂಬೇರಿಯಮ್ಮನ ದೇವಸ್ಥಾನ : ಮಹಾಶಿವರಾತ್ರಿ ಪ್ರಯುಕ್ತ ಬೆಳಿಗ್ಗೆ 8 ಗಂಟೆಗೆ ಮಹಾ ಅಭಿಷೇಕ, ರಾತ್ರಿ ಜಾಗರಣೆ. ■ ಶ್ರೀ ಮಲೆ ಮಹದೇಶ್ವರಸ್ವಾಮಿ ದೇವಸ್ಥಾನ ಟ್ರಸ್ಟ್ : ಮಹಾಶಿವರಾತ್ರಿ ಪೂಜಾ ಕಾರ್ಯಕ್ರಮ, ಸಂಜೆ 6ಕ್ಕೆ. ■ ಶ್ರೀ ಚಂದ್ರಮೌಳೀಶ್ವರಸ್ವಾಮಿ ದೇವಸ್ಥಾನ : ಮಹಾಶಿವರಾತ್ರಿ ಉತ್ಸವ, ಬೆಳಿಗ್ಗೆ 6 ಗಂಟೆಯಿಂದ ರುದ್ರಾಭಿಷೇಕ. ■ ಸುಧಾ ನಗರ ಕಲಾಮಂದಿರ ಚಾರಿಟಬಲ್ ಟ್ರಸ್ಟ್ : ಶ್ರೀರುದ್ರಾಭಿಷೇಕ, ಸ್ಥಳ: ಶ್ರೀ ಪ್ರಸನ್ನ ಪಾರ್ವತಿ ಕಲ್ಯಾಣ ಮಂಟಪ, ಕುವೆಂಪುನಗರ.
